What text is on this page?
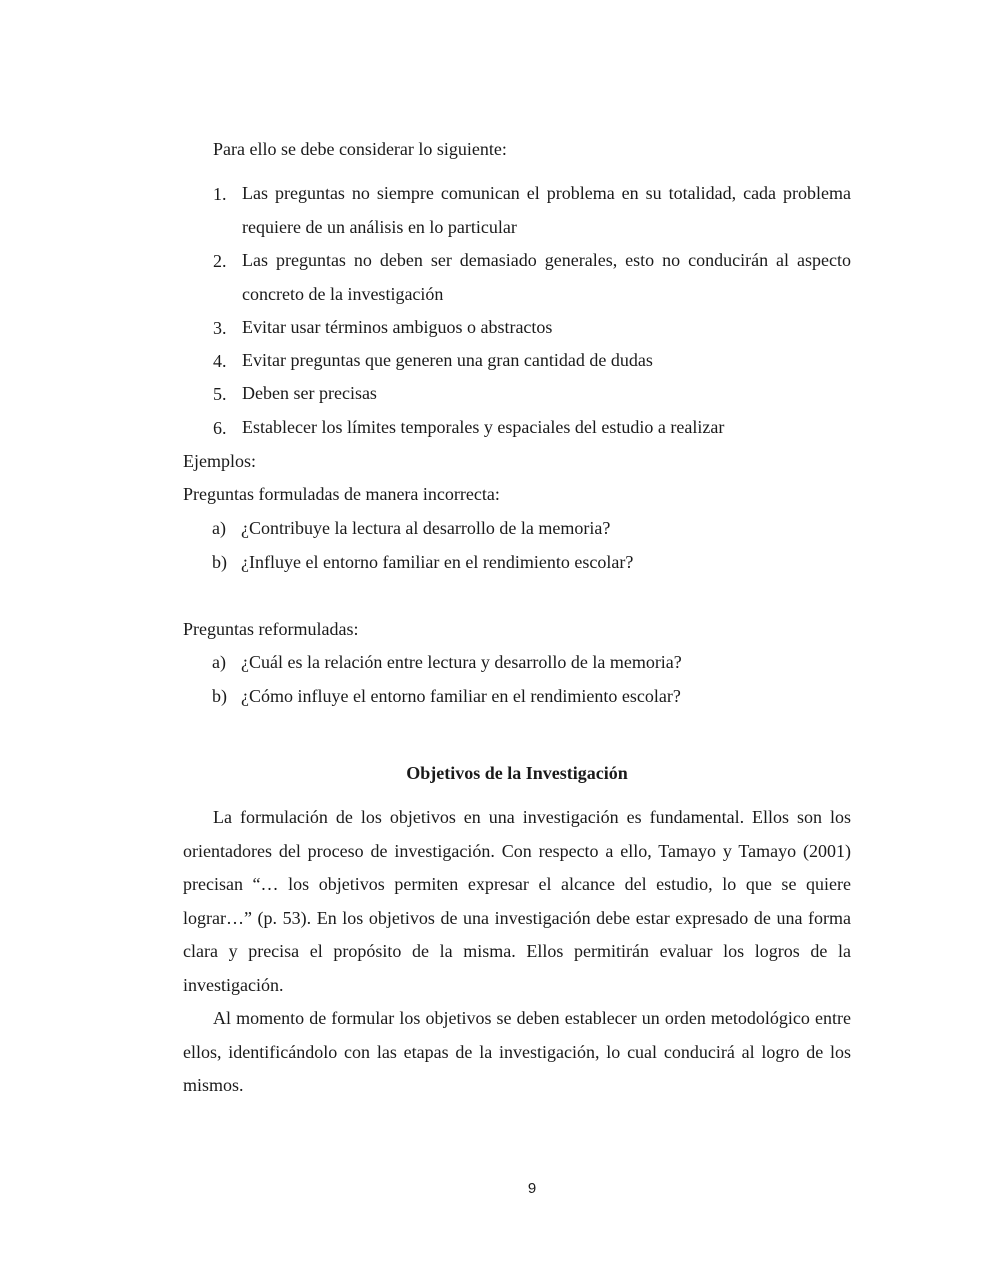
Para ello se debe considerar lo siguiente:
1. Las preguntas no siempre comunican el problema en su totalidad, cada problema requiere de un análisis en lo particular
2. Las preguntas no deben ser demasiado generales, esto no conducirán al aspecto concreto de la investigación
3. Evitar usar términos ambiguos o abstractos
4. Evitar preguntas que generen una gran cantidad de dudas
5. Deben ser precisas
6. Establecer los límites temporales y espaciales del estudio a realizar
Ejemplos:
Preguntas formuladas de manera incorrecta:
a) ¿Contribuye la lectura al desarrollo de la memoria?
b) ¿Influye el entorno familiar en el rendimiento escolar?
Preguntas reformuladas:
a) ¿Cuál es la relación entre lectura y desarrollo de la memoria?
b) ¿Cómo influye el entorno familiar en el rendimiento escolar?
Objetivos de la Investigación
La formulación de los objetivos en una investigación es fundamental. Ellos son los orientadores del proceso de investigación. Con respecto a ello, Tamayo y Tamayo (2001) precisan “… los objetivos permiten expresar el alcance del estudio, lo que se quiere lograr…” (p. 53). En los objetivos de una investigación debe estar expresado de una forma clara y precisa el propósito de la misma. Ellos permitirán evaluar los logros de la investigación.
Al momento de formular los objetivos se deben establecer un orden metodológico entre ellos, identificándolo con las etapas de la investigación, lo cual conducirá al logro de los mismos.
9
